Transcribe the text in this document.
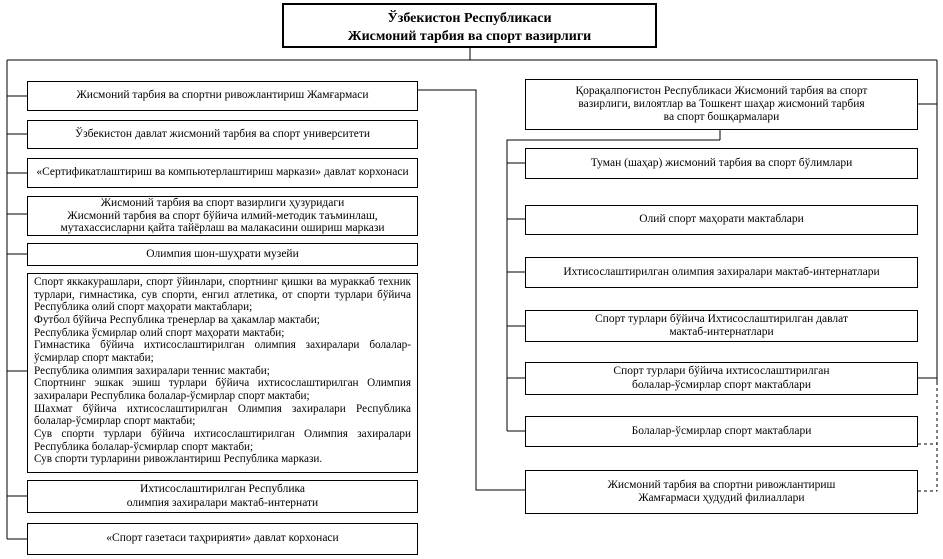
Ўзбекистон Республикаси
Жисмоний тарбия ва спорт вазирлиги
Жисмоний тарбия ва спортни ривожлантириш Жамғармаси
Ўзбекистон давлат жисмоний тарбия ва спорт университети
«Сертификатлаштириш ва компьютерлаштириш маркази» давлат корхонаси
Жисмоний тарбия ва спорт вазирлиги ҳузуридаги
Жисмоний тарбия ва спорт бўйича илмий-методик таъминлаш,
мутахассисларни қайта тайёрлаш ва малакасини ошириш маркази
Олимпия шон-шуҳрати музейи
Спорт яккакурашлари, спорт ўйинлари, спортнинг қишки ва мураккаб техник турлари, гимнастика, сув спорти, енгил атлетика, от спорти турлари бўйича Республика олий спорт маҳорати мактаблари;
Футбол бўйича Республика тренерлар ва ҳакамлар мактаби;
Республика ўсмирлар олий спорт маҳорати мактаби;
Гимнастика бўйича ихтисослаштирилган олимпия захиралари болалар-ўсмирлар спорт мактаби;
Республика олимпия захиралари теннис мактаби;
Спортнинг эшкак эшиш турлари бўйича ихтисослаштирилган Олимпия захиралари Республика болалар-ўсмирлар спорт мактаби;
Шахмат бўйича ихтисослаштирилган Олимпия захиралари Республика болалар-ўсмирлар спорт мактаби;
Сув спорти турлари бўйича ихтисослаштирилган Олимпия захиралари Республика болалар-ўсмирлар спорт мактаби;
Сув спорти турларини ривожлантириш Республика маркази.
Ихтисослаштирилган Республика
олимпия захиралари мактаб-интернати
«Спорт газетаси таҳририяти» давлат корхонаси
Қорақалпоғистон Республикаси Жисмоний тарбия ва спорт
вазирлиги, вилоятлар ва Тошкент шаҳар жисмоний тарбия
ва спорт бошқармалари
Туман (шаҳар) жисмоний тарбия ва спорт бўлимлари
Олий спорт маҳорати мактаблари
Ихтисослаштирилган олимпия захиралари мактаб-интернатлари
Спорт турлари бўйича Ихтисослаштирилган давлат
мактаб-интернатлари
Спорт турлари бўйича ихтисослаштирилган
болалар-ўсмирлар спорт мактаблари
Болалар-ўсмирлар спорт мактаблари
Жисмоний тарбия ва спортни ривожлантириш
Жамғармаси ҳудудий филиаллари
